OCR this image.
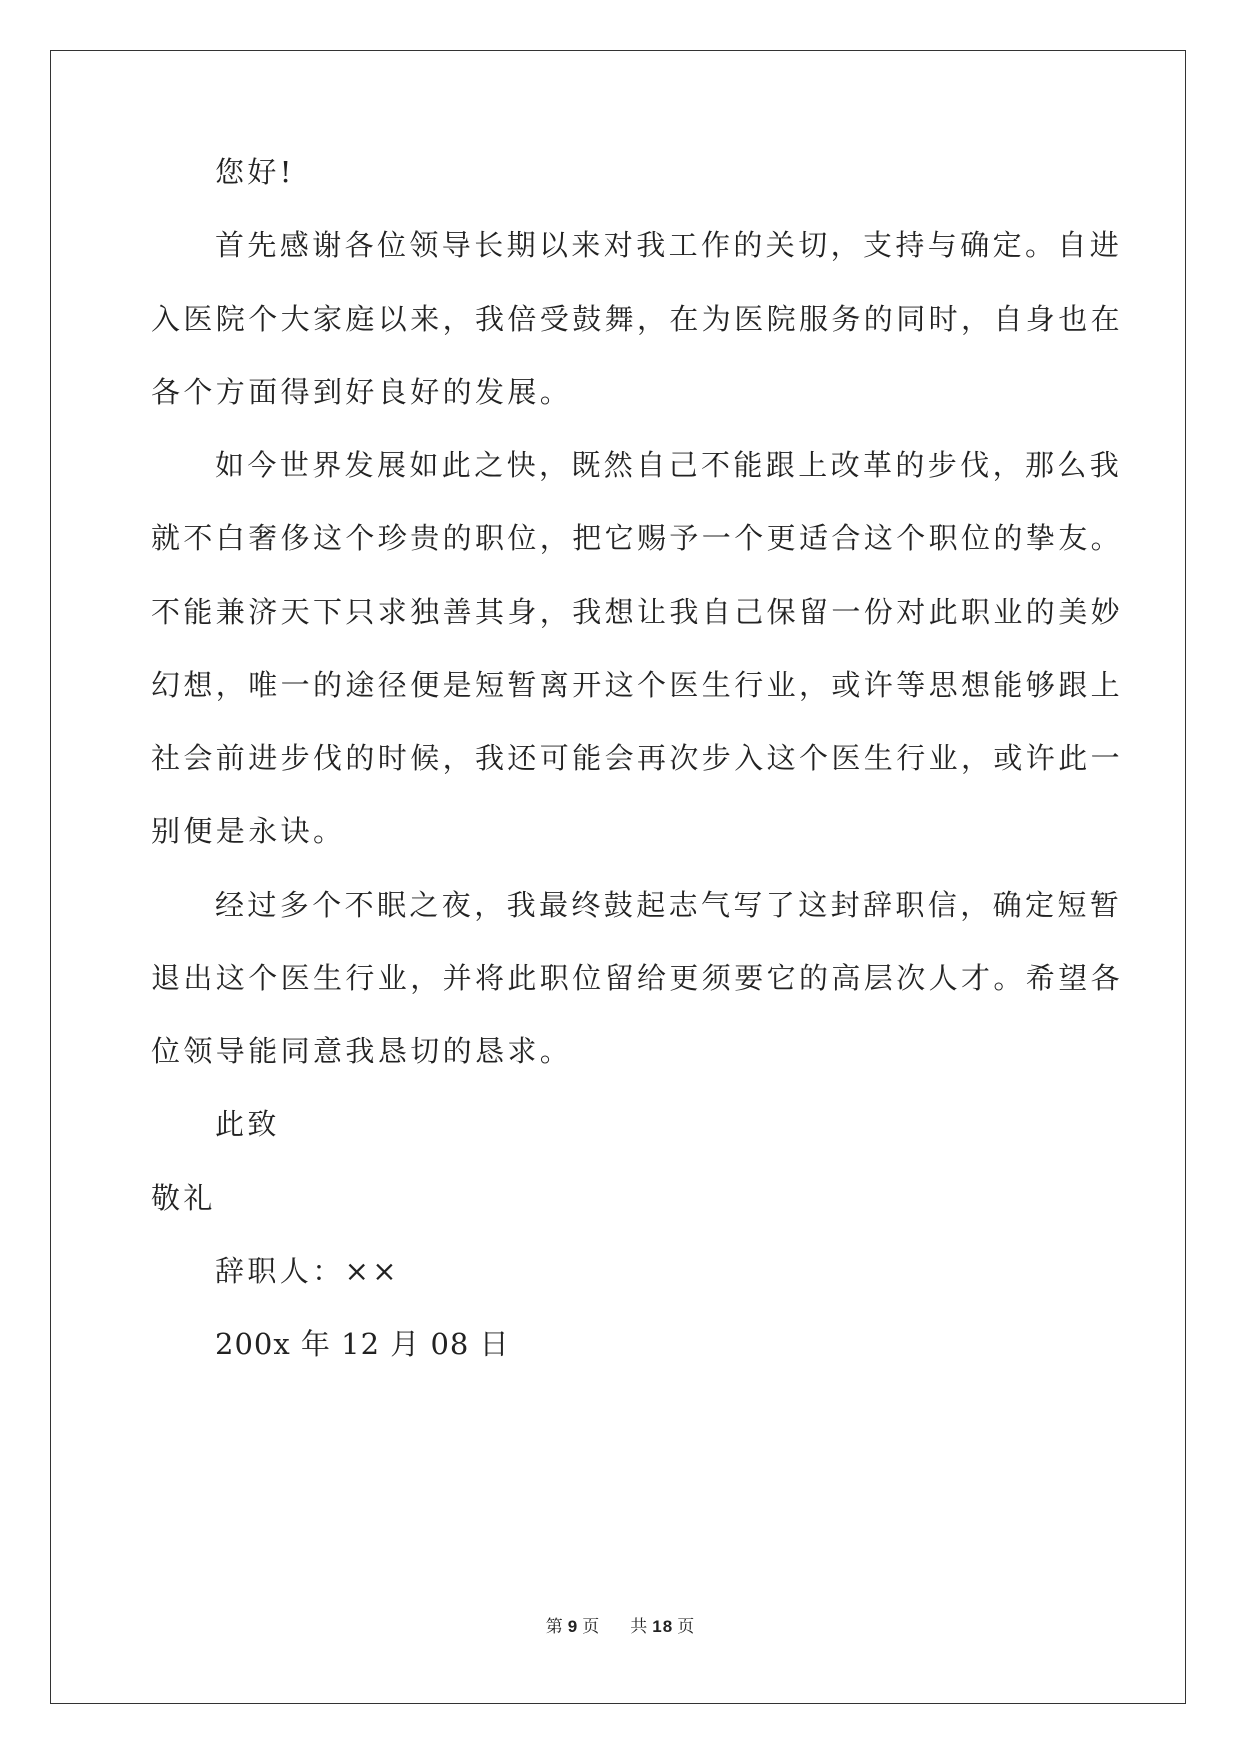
您好!
首先感谢各位领导长期以来对我工作的关切，支持与确定。自进
入医院个大家庭以来，我倍受鼓舞，在为医院服务的同时，自身也在
各个方面得到好良好的发展。
如今世界发展如此之快，既然自己不能跟上改革的步伐，那么我
就不白奢侈这个珍贵的职位，把它赐予一个更适合这个职位的挚友。
不能兼济天下只求独善其身，我想让我自己保留一份对此职业的美妙
幻想，唯一的途径便是短暂离开这个医生行业，或许等思想能够跟上
社会前进步伐的时候，我还可能会再次步入这个医生行业，或许此一
别便是永诀。
经过多个不眠之夜，我最终鼓起志气写了这封辞职信，确定短暂
退出这个医生行业，并将此职位留给更须要它的高层次人才。希望各
位领导能同意我恳切的恳求。
此致
敬礼
辞职人：××
200x 年 12 月 08 日
第 9 页 共 18 页
